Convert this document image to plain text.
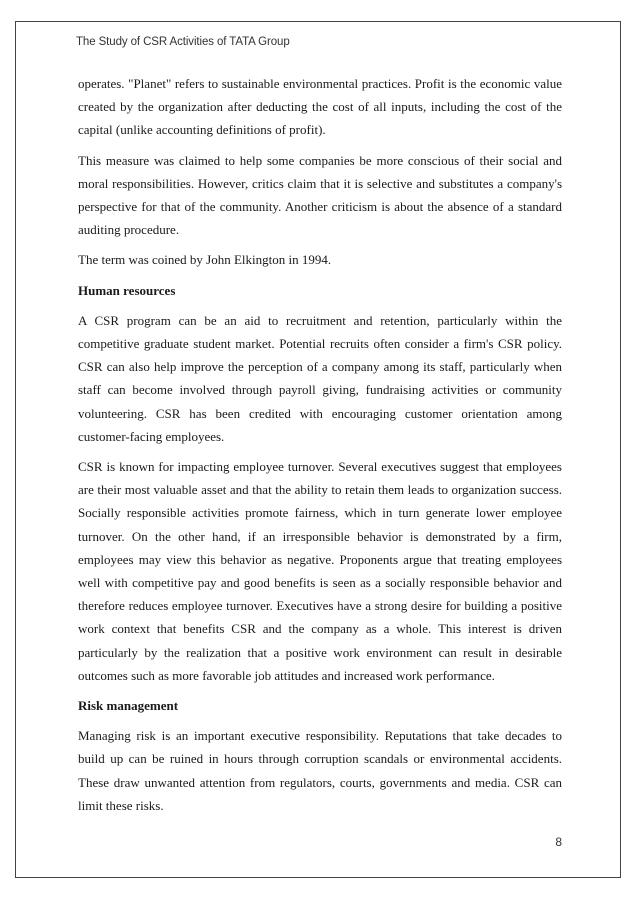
The Study of CSR Activities of TATA Group

operates. "Planet" refers to sustainable environmental practices. Profit is the economic value created by the organization after deducting the cost of all inputs, including the cost of the capital (unlike accounting definitions of profit).

This measure was claimed to help some companies be more conscious of their social and moral responsibilities. However, critics claim that it is selective and substitutes a company's perspective for that of the community. Another criticism is about the absence of a standard auditing procedure.

The term was coined by John Elkington in 1994.

Human resources

A CSR program can be an aid to recruitment and retention, particularly within the competitive graduate student market. Potential recruits often consider a firm's CSR policy. CSR can also help improve the perception of a company among its staff, particularly when staff can become involved through payroll giving, fundraising activities or community volunteering. CSR has been credited with encouraging customer orientation among customer-facing employees.

CSR is known for impacting employee turnover. Several executives suggest that employees are their most valuable asset and that the ability to retain them leads to organization success. Socially responsible activities promote fairness, which in turn generate lower employee turnover. On the other hand, if an irresponsible behavior is demonstrated by a firm, employees may view this behavior as negative. Proponents argue that treating employees well with competitive pay and good benefits is seen as a socially responsible behavior and therefore reduces employee turnover. Executives have a strong desire for building a positive work context that benefits CSR and the company as a whole. This interest is driven particularly by the realization that a positive work environment can result in desirable outcomes such as more favorable job attitudes and increased work performance.

Risk management

Managing risk is an important executive responsibility. Reputations that take decades to build up can be ruined in hours through corruption scandals or environmental accidents. These draw unwanted attention from regulators, courts, governments and media. CSR can limit these risks.

8
